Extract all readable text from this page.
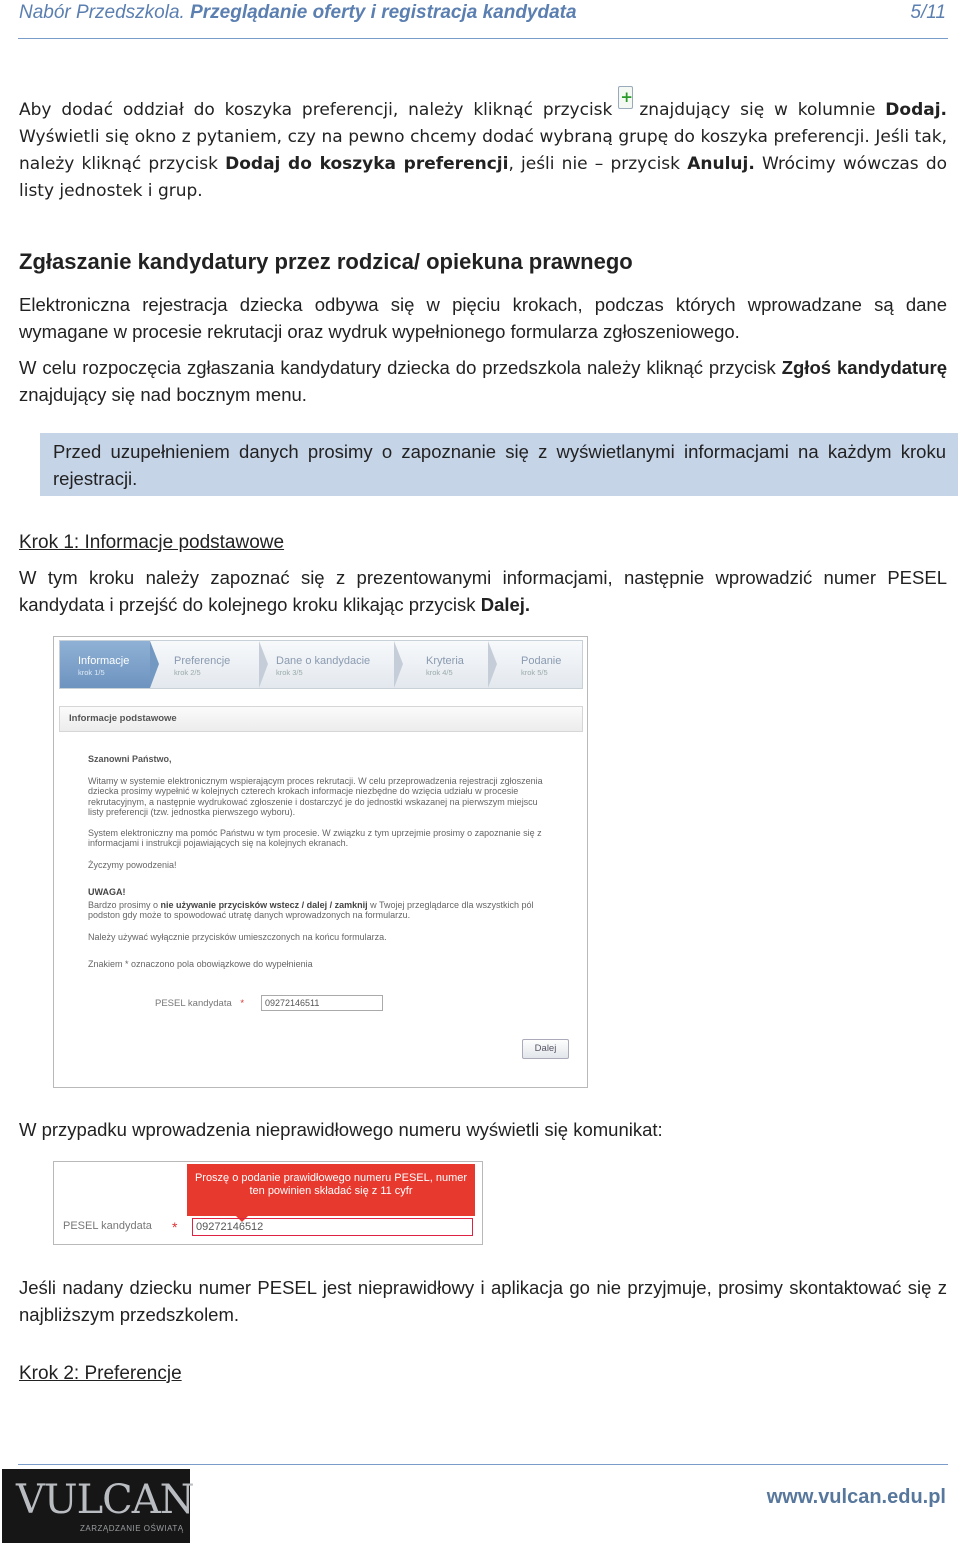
Nabór Przedszkola. Przeglądanie oferty i registracja kandydata	5/11
Aby dodać oddział do koszyka preferencji, należy kliknąć przycisk+ znajdujący się w kolumnie Dodaj. Wyświetli się okno z pytaniem, czy na pewno chcemy dodać wybraną grupę do koszyka preferencji. Jeśli tak, należy kliknąć przycisk Dodaj do koszyka preferencji, jeśli nie – przycisk Anuluj. Wrócimy wówczas do listy jednostek i grup.
Zgłaszanie kandydatury przez rodzica/ opiekuna prawnego
Elektroniczna rejestracja dziecka odbywa się w pięciu krokach, podczas których wprowadzane są dane wymagane w procesie rekrutacji oraz wydruk wypełnionego formularza zgłoszeniowego.
W celu rozpoczęcia zgłaszania kandydatury dziecka do przedszkola należy kliknąć przycisk Zgłoś kandydaturę znajdujący się nad bocznym menu.
Przed uzupełnieniem danych prosimy o zapoznanie się z wyświetlanymi informacjami na każdym kroku rejestracji.
Krok 1: Informacje podstawowe
W tym kroku należy zapoznać się z prezentowanymi informacjami, następnie wprowadzić numer PESEL kandydata i przejść do kolejnego kroku klikając przycisk Dalej.
Informacje
krok 1/5
Preferencje
krok 2/5
Dane o kandydacie
krok 3/5
Kryteria
krok 4/5
Podanie
krok 5/5
Informacje podstawowe
Szanowni Państwo,
Witamy w systemie elektronicznym wspierającym proces rekrutacji. W celu przeprowadzenia rejestracji zgłoszenia dziecka prosimy wypełnić w kolejnych czterech krokach informacje niezbędne do wzięcia udziału w procesie rekrutacyjnym, a następnie wydrukować zgłoszenie i dostarczyć je do jednostki wskazanej na pierwszym miejscu listy preferencji (tzw. jednostka pierwszego wyboru).
System elektroniczny ma pomóc Państwu w tym procesie. W związku z tym uprzejmie prosimy o zapoznanie się z informacjami i instrukcji pojawiających się na kolejnych ekranach.
Życzymy powodzenia!
UWAGA!
Bardzo prosimy o nie używanie przycisków wstecz / dalej / zamknij w Twojej przeglądarce dla wszystkich pól podston gdy może to spowodować utratę danych wprowadzonych na formularzu.
Należy używać wyłącznie przycisków umieszczonych na końcu formularza.
Znakiem * oznaczono pola obowiązkowe do wypełnienia
PESEL kandydata *	09272146511
Dalej
W przypadku wprowadzenia nieprawidłowego numeru wyświetli się komunikat:
Proszę o podanie prawidłowego numeru PESEL, numer ten powinien składać się z 11 cyfr
PESEL kandydata *	09272146512
Jeśli nadany dziecku numer PESEL jest nieprawidłowy i aplikacja go nie przyjmuje, prosimy skontaktować się z najbliższym przedszkolem.
Krok 2: Preferencje
VULCAN
ZARZĄDZANIE OŚWIATĄ
www.vulcan.edu.pl
